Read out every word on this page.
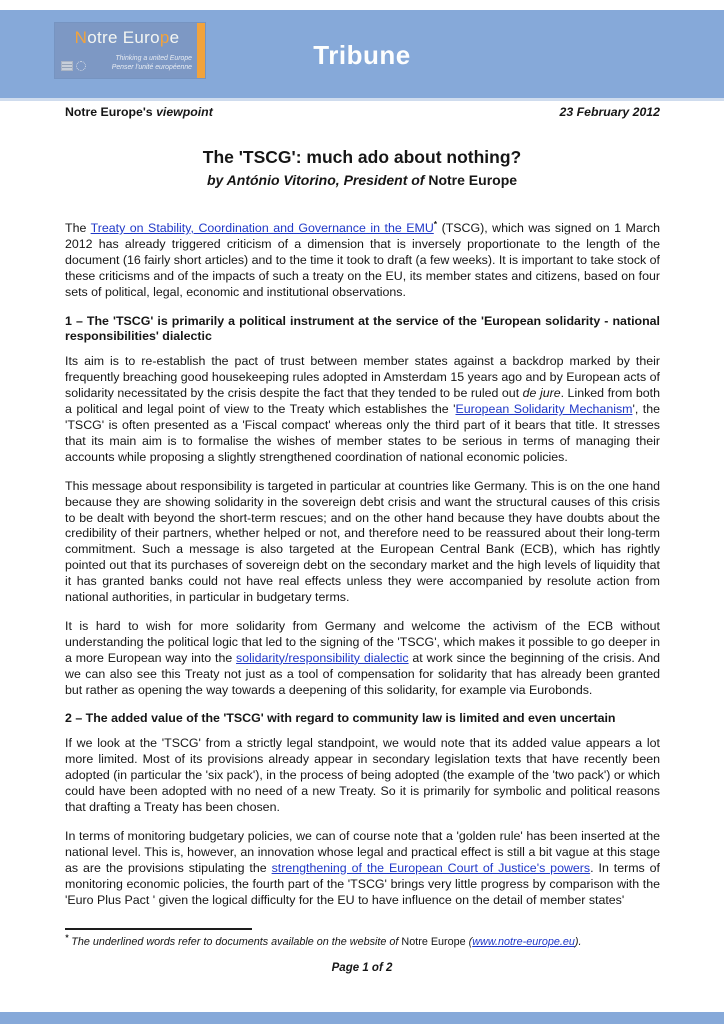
Notre Europe
Thinking a united Europe
Penser l'unité européenne	Tribune
Notre Europe's viewpoint	23 February 2012
The 'TSCG': much ado about nothing?
by António Vitorino, President of Notre Europe

The Treaty on Stability, Coordination and Governance in the EMU* (TSCG), which was signed on 1 March 2012 has already triggered criticism of a dimension that is inversely proportionate to the length of the document (16 fairly short articles) and to the time it took to draft (a few weeks). It is important to take stock of these criticisms and of the impacts of such a treaty on the EU, its member states and citizens, based on four sets of political, legal, economic and institutional observations.

1 – The 'TSCG' is primarily a political instrument at the service of the 'European solidarity - national responsibilities' dialectic

Its aim is to re-establish the pact of trust between member states against a backdrop marked by their frequently breaching good housekeeping rules adopted in Amsterdam 15 years ago and by European acts of solidarity necessitated by the crisis despite the fact that they tended to be ruled out de jure. Linked from both a political and legal point of view to the Treaty which establishes the 'European Solidarity Mechanism', the 'TSCG' is often presented as a 'Fiscal compact' whereas only the third part of it bears that title. It stresses that its main aim is to formalise the wishes of member states to be serious in terms of managing their accounts while proposing a slightly strengthened coordination of national economic policies.

This message about responsibility is targeted in particular at countries like Germany. This is on the one hand because they are showing solidarity in the sovereign debt crisis and want the structural causes of this crisis to be dealt with beyond the short-term rescues; and on the other hand because they have doubts about the credibility of their partners, whether helped or not, and therefore need to be reassured about their long-term commitment. Such a message is also targeted at the European Central Bank (ECB), which has rightly pointed out that its purchases of sovereign debt on the secondary market and the high levels of liquidity that it has granted banks could not have real effects unless they were accompanied by resolute action from national authorities, in particular in budgetary terms.

It is hard to wish for more solidarity from Germany and welcome the activism of the ECB without understanding the political logic that led to the signing of the 'TSCG', which makes it possible to go deeper in a more European way into the solidarity/responsibility dialectic at work since the beginning of the crisis. And we can also see this Treaty not just as a tool of compensation for solidarity that has already been granted but rather as opening the way towards a deepening of this solidarity, for example via Eurobonds.

2 – The added value of the 'TSCG' with regard to community law is limited and even uncertain

If we look at the 'TSCG' from a strictly legal standpoint, we would note that its added value appears a lot more limited. Most of its provisions already appear in secondary legislation texts that have recently been adopted (in particular the 'six pack'), in the process of being adopted (the example of the 'two pack') or which could have been adopted with no need of a new Treaty. So it is primarily for symbolic and political reasons that drafting a Treaty has been chosen.

In terms of monitoring budgetary policies, we can of course note that a 'golden rule' has been inserted at the national level. This is, however, an innovation whose legal and practical effect is still a bit vague at this stage as are the provisions stipulating the strengthening of the European Court of Justice's powers. In terms of monitoring economic policies, the fourth part of the 'TSCG' brings very little progress by comparison with the 'Euro Plus Pact ' given the logical difficulty for the EU to have influence on the detail of member states'

* The underlined words refer to documents available on the website of Notre Europe (www.notre-europe.eu).
Page 1 of 2
